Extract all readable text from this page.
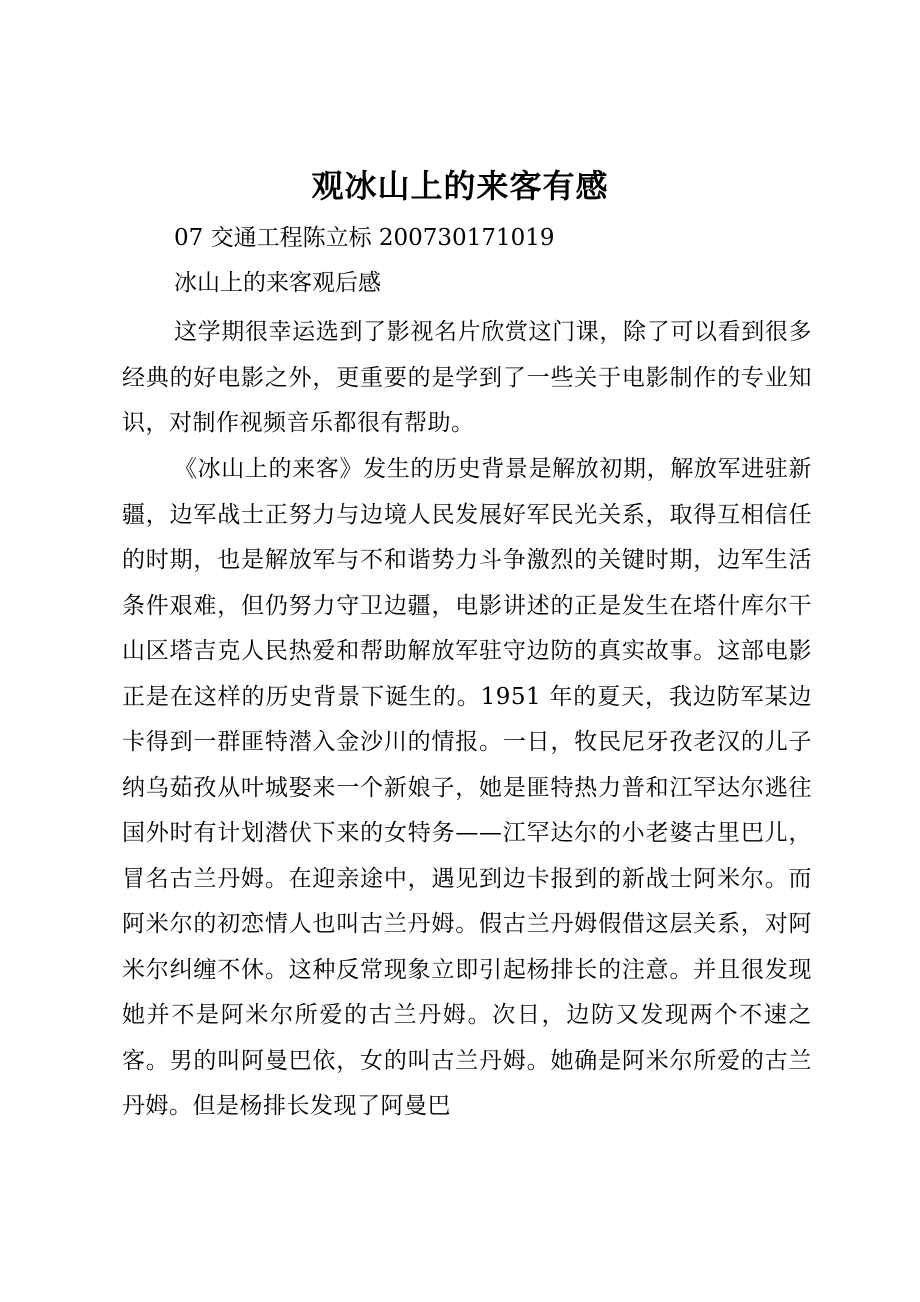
观冰山上的来客有感
07 交通工程陈立标 200730171019
冰山上的来客观后感

这学期很幸运选到了影视名片欣赏这门课，除了可以看到很多经典的好电影之外，更重要的是学到了一些关于电影制作的专业知识，对制作视频音乐都很有帮助。

《冰山上的来客》发生的历史背景是解放初期，解放军进驻新疆，边军战士正努力与边境人民发展好军民光关系，取得互相信任的时期，也是解放军与不和谐势力斗争激烈的关键时期，边军生活条件艰难，但仍努力守卫边疆，电影讲述的正是发生在塔什库尔干山区塔吉克人民热爱和帮助解放军驻守边防的真实故事。这部电影正是在这样的历史背景下诞生的。1951 年的夏天，我边防军某边卡得到一群匪特潜入金沙川的情报。一日，牧民尼牙孜老汉的儿子纳乌茹孜从叶城娶来一个新娘子，她是匪特热力普和江罕达尔逃往国外时有计划潜伏下来的女特务——江罕达尔的小老婆古里巴儿，冒名古兰丹姆。在迎亲途中，遇见到边卡报到的新战士阿米尔。而阿米尔的初恋情人也叫古兰丹姆。假古兰丹姆假借这层关系，对阿米尔纠缠不休。这种反常现象立即引起杨排长的注意。并且很发现她并不是阿米尔所爱的古兰丹姆。次日，边防又发现两个不速之客。男的叫阿曼巴依，女的叫古兰丹姆。她确是阿米尔所爱的古兰丹姆。但是杨排长发现了阿曼巴
